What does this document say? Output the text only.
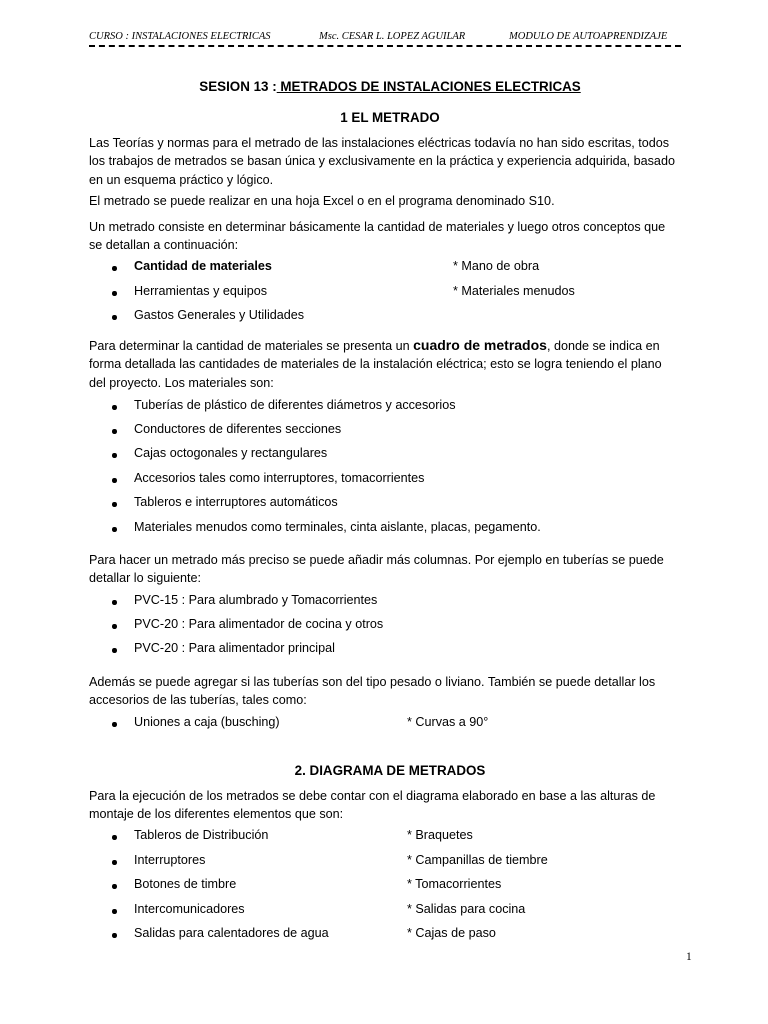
CURSO : INSTALACIONES ELECTRICAS	Msc. CESAR L. LOPEZ AGUILAR	MODULO DE AUTOAPRENDIZAJE
SESION 13 : METRADOS DE INSTALACIONES ELECTRICAS
1 EL METRADO
Las Teorías y normas para el metrado de las instalaciones eléctricas todavía no han sido escritas, todos
los trabajos de metrados se basan única y exclusivamente en la práctica y experiencia adquirida, basado
en un esquema práctico y lógico.
El metrado se puede realizar en una hoja Excel o en el programa denominado S10.
Un metrado consiste en determinar básicamente la cantidad de materiales y luego otros conceptos que
se detallan a continuación:
Cantidad de materiales	* Mano de obra
Herramientas y equipos	* Materiales menudos
Gastos Generales y Utilidades
Para determinar la cantidad de materiales se presenta un cuadro de metrados, donde se indica en
forma detallada las cantidades de materiales de la instalación eléctrica; esto se logra teniendo el plano
del proyecto. Los materiales son:
Tuberías de plástico de diferentes diámetros y accesorios
Conductores de diferentes secciones
Cajas octogonales y rectangulares
Accesorios tales como interruptores, tomacorrientes
Tableros e interruptores automáticos
Materiales menudos como terminales, cinta aislante, placas, pegamento.
Para hacer un metrado más preciso se puede añadir más columnas. Por ejemplo en tuberías se puede
detallar lo siguiente:
PVC-15 : Para alumbrado y Tomacorrientes
PVC-20 : Para alimentador de cocina y otros
PVC-20 : Para alimentador principal
Además se puede agregar si las tuberías son del tipo pesado o liviano. También se puede detallar los
accesorios de las tuberías, tales como:
Uniones a caja (busching)	* Curvas a 90°
2. DIAGRAMA DE METRADOS
Para la ejecución de los metrados se debe contar con el diagrama elaborado en base a las alturas de
montaje de los diferentes elementos que son:
Tableros de Distribución	* Braquetes
Interruptores	* Campanillas de tiembre
Botones de timbre	* Tomacorrientes
Intercomunicadores	* Salidas para cocina
Salidas para calentadores de agua	* Cajas de paso
1
